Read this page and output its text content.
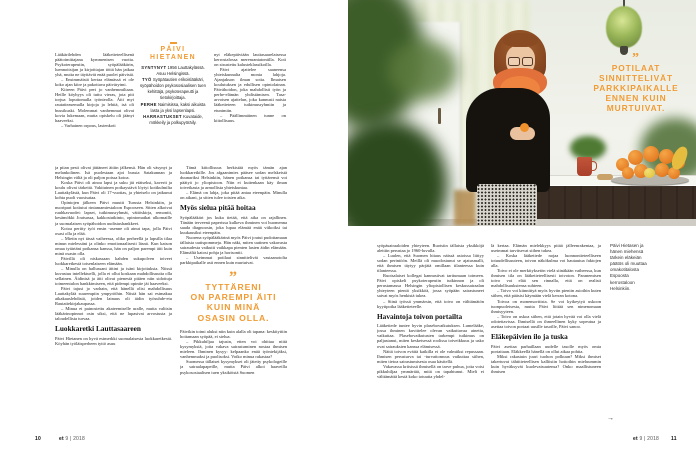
Lääkärilehden lääketieteellisenä päätoimittajana kymmenisen vuotta. Psykoterapeutin, syöpälääkärin, luennoitsijan ja kirjoittajan töitä hän jatkaa yhä, mutta ne täyttävät enää puolet päivistä.

– Ensimmäistä kertaa elämässä ei ole koko ajan kiire ja pakottava päivärytmi.

Kiireen Päivi peri jo vanhemmiltaan. Heille köyhyys oli tuttu vieras, jota piti torjua loputtomalla työnteolla. Äiti myi rautatieasemalla kirjoja ja lehtiä, isä oli bussikuski. Molemmat vanhemmat olivat kovia lukemaan, mutta opiskelu oli jäänyt haaveeksi.

– Varhainen orpous, lastenkoti

PÄIVI
HIETANEN

SYNTYNYT 1956 Lauttakylässä. Asuu Helsingissä.

TYÖ Syöpätautien erikoislääkäri, syöpähoidon psykososiaalisen tuen kehittäjä, psykoterapeutti ja tietokirjoittaja.

PERHE Naimisissa, kaksi aikuista lasta ja yksi lapsenlapsi.

HARRASTUKSET Kuvataide, mökkeily ja polkupyöräily.

nyt eläkepäiviään lauttasaarelaisessa kerrostalossa merenrantatontilla. Koti on sisustettu kalusteklassikoilla.

Päivi ajattelee saaneensa yhteiskunnalta monia lahjoja. Ajanjakson ilman sotia. Ilmaisen koulutuksen ja edullisen opintolainan. Päivähoidon, joka mahdollisti työn ja perhe-elämän yhdistämisen. Tasa-arvoisen ajattelun, joka kannusti naisia lääketieteen tutkimusryhmiin ja etunimiin.

– Päällimmäinen tunne on kiitollisuus.

ja piian pesti olivat jättäneet äitiin jälkensä. Hän oli väsynyt ja melankolinen. Isä puolestaan ajoi bussia Satakunnan ja Helsingin väliä ja oli paljon poissa kotoa.

Koska Päivi oli ainoa lapsi ja suku jäi etäiseksi, kaverit ja koulu olivat tärkeitä. Vakituinen poikaystävä löytyi kotikulmilta Lauttakylästä, kun Päivi oli 17-vuotias, ja yhteiselo on jatkunut kohta puoli vuosisataa.

Opintojen jälkeen Päivi muutti Turusta Helsinkiin, ja nuoripari kotiutui rintamamiestaloon Espooseen. Sitten alkoivat ruuhkavuodet: lapset, tutkimusryhmät, väitöskirja, remontit, kesämökki Joutsassa, kakkostutkinto, opintomatkat ulkomaille ja suomalaisen syöpähoidon uudistushankkeet.

Kotoa peritty työt ensin -asenne oli ainut tapa, jolla Päivi osasi olla ja elää.

– Mietin nyt tässä vaiheessa, oliko perheellä ja lapsilla tilaa minun mielessäni ja olinko emotionaalisesti läsnä. Kun katson omaa tytärtäni poikansa kanssa, hän on paljon parempi äiti kuin minä osasin olla.

Päivillä oli niskassaan kahden sukupolven toiveet luokkaretkestä toisenlaiseen elämään.

– Minulla on hallussani äitini ja isäni kirjoituksia. Niissä kuvastuu intellektuelli, jolla ei ollut koskaan mahdollisuutta olla sellainen. Äidinisä ja äiti olivat pienestä pitäen niin sidottuja toimeentulon hankkimiseen, että pidempi opintie jäi haaveeksi.

Päivi tajusi jo varhain, että hänellä olisi mahdollisuus Lauttakylää suurempiin ympyröihin. Niistä hän sai esimakua aikakauslehdistä, joiden lainaus oli äidin työsuhde-etu Rautatiekirjakaupassa.

– Minua ei painostettu akateemiselle uralle, mutta valitsin lääkärinopinnot osin siksi, että ne lupasivat arvostusta ja taloudellista turvaa.

Luokkaretki Lauttasaareen

Päivi Hietanen on hyvä esimerkki suomalaisesta luokkaretkestä. Köyhän työläisperheen tyttö asuu

Tämä kiitollisuus herkistää myös tämän ajan luokkaretkille. Jos afgaanimies pääsee sodan melskeistä duunariksi Helsinkiin, hänen poikansa tai tyttärensä voi päätyä jo yliopistoon. Niin ei kuitenkaan käy ilman toiveikasta ja armollista yhteiskuntaa.

– Elämä on lahja, joka pitää antaa eteenpäin. Minulla on aikani, ja sitten tulee toisten aika.

Myös sielua pitää hoitaa

Syöpälääkäri jos kuka tietää, että aika on rajallinen. Tänään terveenä paperissa kulkeva ihminen voi huomenna saada diagnoosin, joka lupaa elämää enää viikoiksi tai kuukausiksi eteenpäin.

Nuorena syöpälääkärinä myös Päivi joutui pudottamaan tällaisia uutispommeja. Hän näki, miten uutinen vakavasta sairaudesta vaikutti vaikkapa pienten lasten äidin elämään. Elämältä katosi pohja ja horisontti.

– Useimmat potilaat sinnittelivät vastaanotolta parkkipaikalle asti ennen kuin murtuivat.

”
TYTTÄRENI
ON PAREMPI ÄITI
KUIN MINÄ
OSASIN OLLA.

Päivikin toimi aluksi niin kuin alalla oli tapana: keskityttiin hoitamaan syöpää, ei sielua.

– Pikkuhiljaa tajusin, etten voi ohittaa niitä kysymyksiä, joita vakava sairastuminen nostaa ihmisen mieleen. Ihminen kysyy: kelpaanko enää työntekijäksi, vanhemmaksi ja puolisoksi. Voiko minua rakastaa?

Suomessa tällaiset kysymykset oli jätetty psykologeille ja sairaalapapeille, mutta Päivi alkoi haaveilla psykososiaalisen tuen yksiköistä Suomen

10	et 9 | 2018
”
POTILAAT
SINNITTELIVÄT
PARKKIPAIKALLE
ENNEN KUIN
MURTUIVAT.

syöpäsairaaloiden yhteyteen. Ruotsiin tällaisia yksikköjä alettiin perustaa jo 1960-luvulla.

– Luulen, että Suomen hitaus näissä asioissa liittyy sodan perintöön. Meillä oli muodostunut se ajatusmalli, että ihmisen täytyy pärjätä omillaan tilanteessa kuin tilanteessa.

Ruotsalaiset kollegat kannustivat tarttumaan toimeen. Päivi opiskeli psykoterapeutin tutkinnon ja oli perustamassa Helsingin yliopistollisen keskussairaalan yhteyteen pientä yksikköä, jossa syöpään sairastuneet saivat myös henkistä tukea.

– Siinä työssä ymmärsin, että toivo on välttämätön kyytipoika lääketieteelle.

Havaintoja toivon portailta

Lääketiede tuntee hyvin plasebovaikutuksen. Lumelääke, jossa ihminen kuvittelee olevan vaikuttavaa ainetta, vaikuttaa. Plasebovaikutusten tarkempi tutkimus on paljastanut, miten keskeisessä roolissa toiveikkuus ja usko ovat sairauksien kanssa elämisessä.

Näitä toivon eväitä kaikilla ei ole valmiiksi repussaan. Ihmisen perusturva tai -turvattomuus vaikuttaa siihen, miten tietoa sairastumisesta osaa käsitellä.

Vakavassa kriisissä ihmisellä on tarve puhua, jotta voisi pikkuhiljaa ymmärtää, mitä on tapahtunut. Mieli ei välttämättä kestä koko totuutta yhdel-

lä kertaa. Elämän mielekkyys pitää jälleenrakentaa, ja useimmat tarvitsevat siihen tukea.

– Koska lääketiede nojaa luonnontieteelliseen totuudellisuuteen, toivon näkökulma voi hautautua faktojen alla.

Toivo ei ole merkityksetön vielä siinäkään vaiheessa, kun ihmisen tila on lääketieteellisesti toivoton. Paranemisen toivo voi elää sen rinnalla, että on realisti mahdollisuuksiensa suhteen.

– Toivo voi kiinnittyä myös hyviin pieniin asioihin kuten siihen, että pääsisi käymään vielä kerran kotona.

Toivoa on monensorttista. Se voi kytkeytyä uskoon tuonpuoleisesta, mutta Päivi liittää sen nimenomaan ihmisyyteen.

– Toivo on uskoa siihen, että jotain hyvää voi olla vielä odotettavissa. Ihmisellä on ihmeellinen kyky sopeutua ja asettaa toivon portaat uusille tasoille, Päivi sanoo.

Eläkepäivien ilo ja tuska

Päivi asettaa parhaillaan uudelle tasolle myös omia portaitaan. Eläkkeellä hänellä on ollut aikaa pohtia.

Miksi rakastuin juuri tuohon polkuun? Miksi ihmiset takertuvat tähtitieteellisen kalliisiin hoitoihin mieluummin kuin hyväksyvät kuolevaisuutensa? Onko maallistuneen ihmisen

Päivi Hietasen ja hänen miehensä tärkein eläkeiän päätös oli muuttaa omakotitalosta Espoosta kerrostaloon Helsinkiin.
→
et 9 | 2018 11
